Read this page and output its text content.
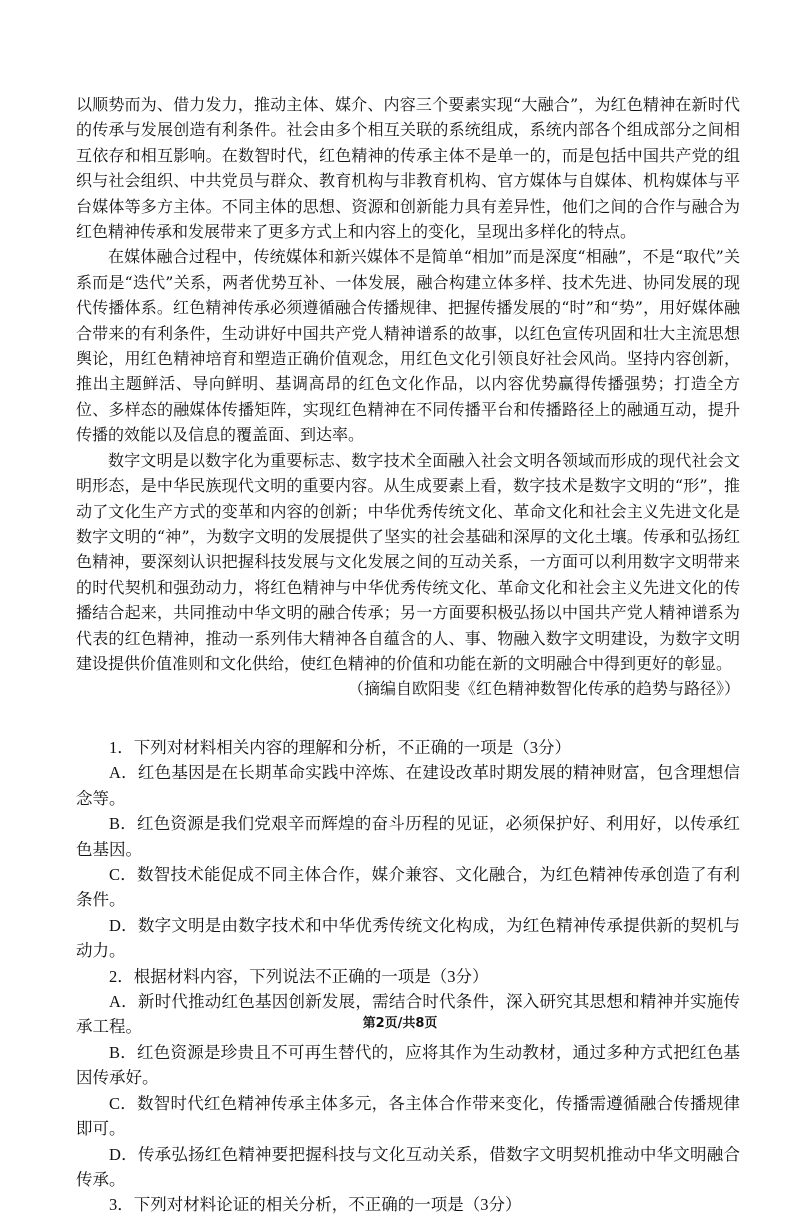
以顺势而为、借力发力，推动主体、媒介、内容三个要素实现“大融合”，为红色精神在新时代的传承与发展创造有利条件。社会由多个相互关联的系统组成，系统内部各个组成部分之间相互依存和相互影响。在数智时代，红色精神的传承主体不是单一的，而是包括中国共产党的组织与社会组织、中共党员与群众、教育机构与非教育机构、官方媒体与自媒体、机构媒体与平台媒体等多方主体。不同主体的思想、资源和创新能力具有差异性，他们之间的合作与融合为红色精神传承和发展带来了更多方式上和内容上的变化，呈现出多样化的特点。

在媒体融合过程中，传统媒体和新兴媒体不是简单“相加”而是深度“相融”，不是“取代”关系而是“迭代”关系，两者优势互补、一体发展，融合构建立体多样、技术先进、协同发展的现代传播体系。红色精神传承必须遵循融合传播规律、把握传播发展的“时”和“势”，用好媒体融合带来的有利条件，生动讲好中国共产党人精神谱系的故事，以红色宣传巩固和壮大主流思想舆论，用红色精神培育和塑造正确价值观念，用红色文化引领良好社会风尚。坚持内容创新，推出主题鲜活、导向鲜明、基调高昂的红色文化作品，以内容优势赢得传播强势；打造全方位、多样态的融媒体传播矩阵，实现红色精神在不同传播平台和传播路径上的融通互动，提升传播的效能以及信息的覆盖面、到达率。

数字文明是以数字化为重要标志、数字技术全面融入社会文明各领域而形成的现代社会文明形态，是中华民族现代文明的重要内容。从生成要素上看，数字技术是数字文明的“形”，推动了文化生产方式的变革和内容的创新；中华优秀传统文化、革命文化和社会主义先进文化是数字文明的“神”，为数字文明的发展提供了坚实的社会基础和深厚的文化土壤。传承和弘扬红色精神，要深刻认识把握科技发展与文化发展之间的互动关系，一方面可以利用数字文明带来的时代契机和强劲动力，将红色精神与中华优秀传统文化、革命文化和社会主义先进文化的传播结合起来，共同推动中华文明的融合传承；另一方面要积极弘扬以中国共产党人精神谱系为代表的红色精神，推动一系列伟大精神各自蕴含的人、事、物融入数字文明建设，为数字文明建设提供价值准则和文化供给，使红色精神的价值和功能在新的文明融合中得到更好的彰显。

（摘编自欧阳斐《红色精神数智化传承的趋势与路径》）

1．下列对材料相关内容的理解和分析，不正确的一项是（3分）

A．红色基因是在长期革命实践中淬炼、在建设改革时期发展的精神财富，包含理想信念等。

B．红色资源是我们党艰辛而辉煌的奋斗历程的见证，必须保护好、利用好，以传承红色基因。

C．数智技术能促成不同主体合作，媒介兼容、文化融合，为红色精神传承创造了有利条件。

D．数字文明是由数字技术和中华优秀传统文化构成，为红色精神传承提供新的契机与动力。

2．根据材料内容，下列说法不正确的一项是（3分）

A．新时代推动红色基因创新发展，需结合时代条件，深入研究其思想和精神并实施传承工程。

B．红色资源是珍贵且不可再生替代的，应将其作为生动教材，通过多种方式把红色基因传承好。

C．数智时代红色精神传承主体多元，各主体合作带来变化，传播需遵循融合传播规律即可。

D．传承弘扬红色精神要把握科技与文化互动关系，借数字文明契机推动中华文明融合传承。

3．下列对材料论证的相关分析，不正确的一项是（3分）

第2页/共8页
